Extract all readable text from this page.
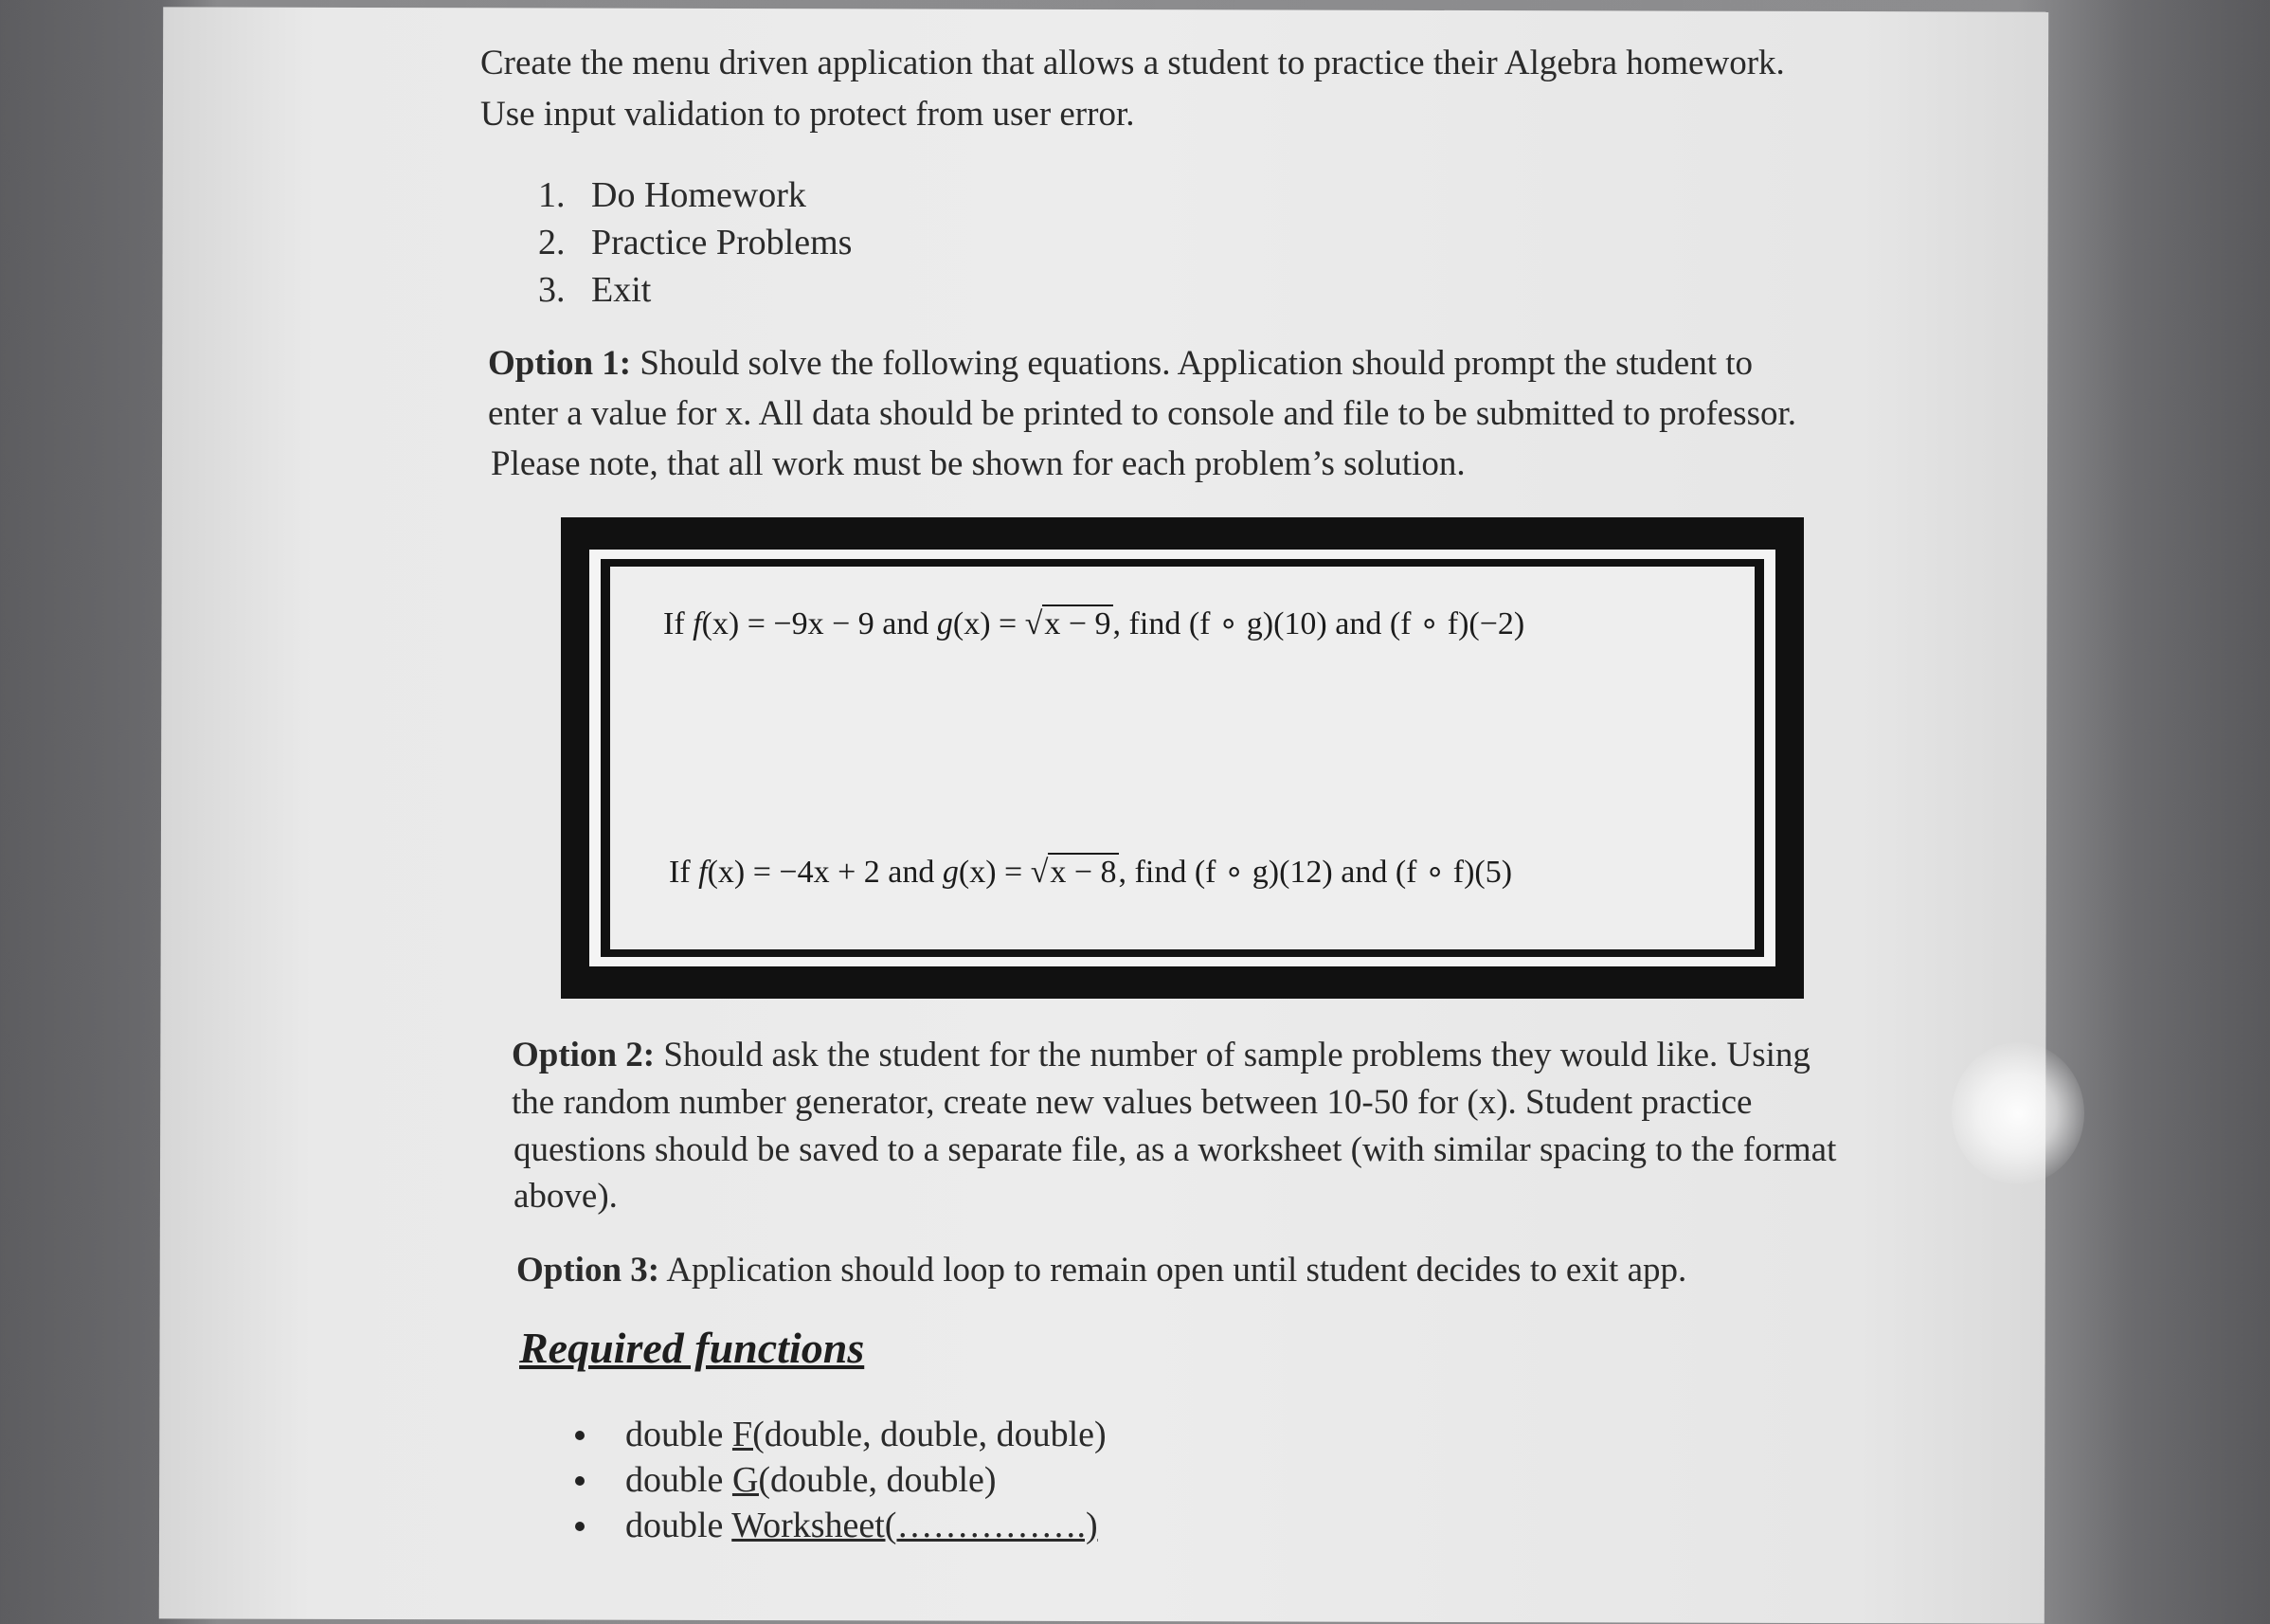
Create the menu driven application that allows a student to practice their Algebra homework.
Use input validation to protect from user error.
1. Do Homework
2. Practice Problems
3. Exit
Option 1: Should solve the following equations. Application should prompt the student to
enter a value for x. All data should be printed to console and file to be submitted to professor.
Please note, that all work must be shown for each problem’s solution.
If f(x) = −9x − 9 and g(x) = √x − 9, find (f ∘ g)(10) and (f ∘ f)(−2)
If f(x) = −4x + 2 and g(x) = √x − 8, find (f ∘ g)(12) and (f ∘ f)(5)
Option 2: Should ask the student for the number of sample problems they would like. Using
the random number generator, create new values between 10-50 for (x). Student practice
questions should be saved to a separate file, as a worksheet (with similar spacing to the format
above).
Option 3: Application should loop to remain open until student decides to exit app.
Required functions
double F(double, double, double)
double G(double, double)
double Worksheet(…………….)
